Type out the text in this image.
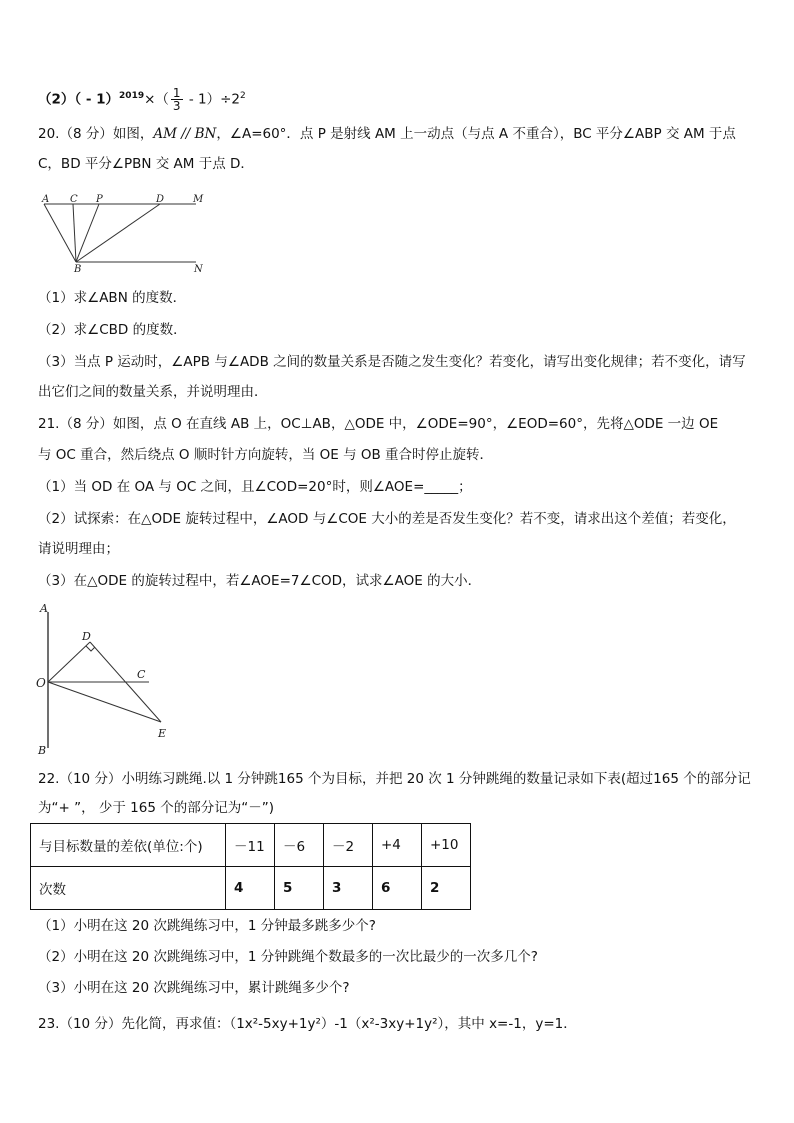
$(2)( - 1)^{2019}\times( \frac{1}{3} - 1)\div 2^2$
20.（8 分）如图，AM // BN，∠A=60°．点 P 是射线 AM 上一动点（与点 A 不重合），BC 平分∠ABP 交 AM 于点
C，BD 平分∠PBN 交 AM 于点 D．
A C P	D	M
B	N
（1）求∠ABN 的度数．
（2）求∠CBD 的度数．
（3）当点 P 运动时，∠APB 与∠ADB 之间的数量关系是否随之发生变化？若变化，请写出变化规律；若不变化，请写
出它们之间的数量关系，并说明理由．
21.（8 分）如图，点 O 在直线 AB 上，OC⊥AB，△ODE 中，∠ODE=90°，∠EOD=60°，先将△ODE 一边 OE
与 OC 重合，然后绕点 O 顺时针方向旋转，当 OE 与 OB 重合时停止旋转．
（1）当 OD 在 OA 与 OC 之间，且∠COD=20°时，则∠AOE=_____；
（2）试探索：在△ODE 旋转过程中，∠AOD 与∠COE 大小的差是否发生变化？若不变，请求出这个差值；若变化，
请说明理由；
（3）在△ODE 的旋转过程中，若∠AOE=7∠COD，试求∠AOE 的大小．
A
D
O
C
E
B
22.（10 分）小明练习跳绳.以 1 分钟跳165 个为目标，并把 20 次 1 分钟跳绳的数量记录如下表(超过165 个的部分记
为“+ ”， 少于 165 个的部分记为“－”)
与目标数量的差依(单位:个)	－11	－6	－2	+4	+10
次数	4	5	3	6	2
（1）小明在这 20 次跳绳练习中，1 分钟最多跳多少个?
（2）小明在这 20 次跳绳练习中，1 分钟跳绳个数最多的一次比最少的一次多几个?
（3）小明在这 20 次跳绳练习中，累计跳绳多少个?
23.（10 分）先化简，再求值：（1x²-5xy+1y²）-1（x²-3xy+1y²），其中 x=-1，y=1．
